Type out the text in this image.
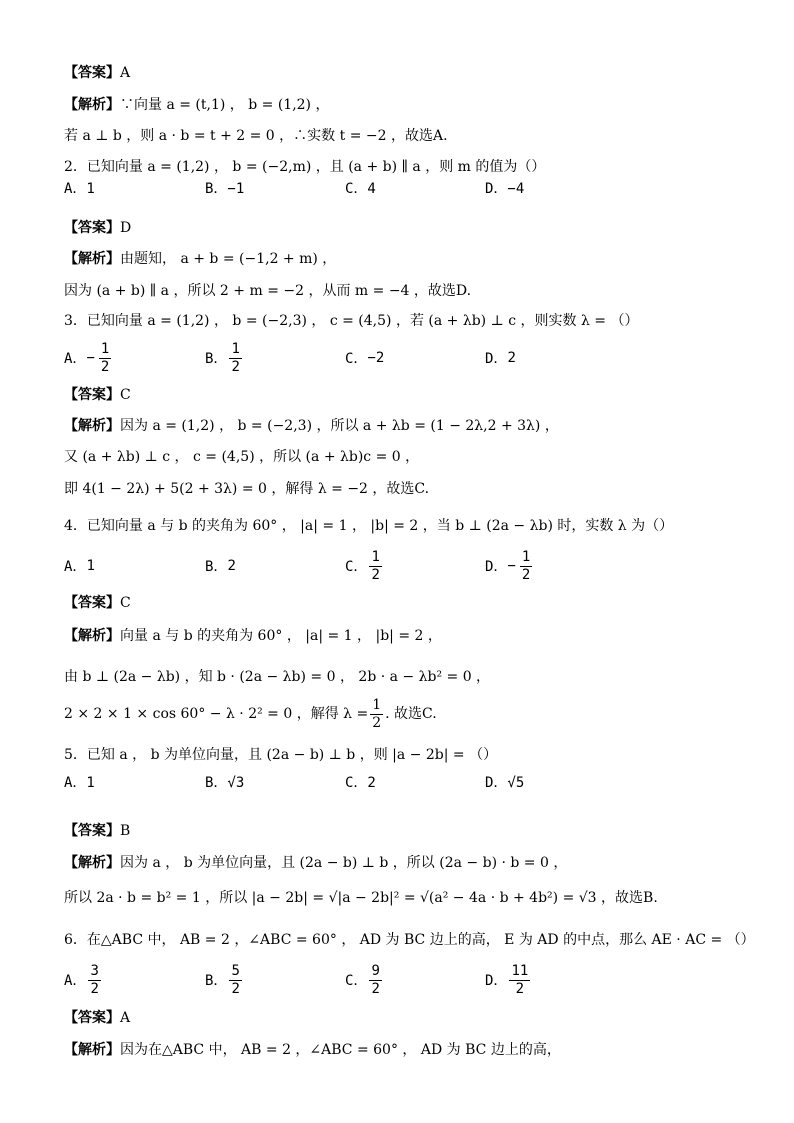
【答案】A
【解析】∵向量 a = (t,1) ， b = (1,2) ，
若 a ⊥ b ，则 a · b = t + 2 = 0 ，∴实数 t = −2 ，故选A.
2．已知向量 a = (1,2) ， b = (−2,m) ，且 (a + b) ∥ a ，则 m 的值为（）
A．1	B．−1	C．4	D．−4
【答案】D
【解析】由题知， a + b = (−1,2 + m) ，
因为 (a + b) ∥ a ，所以 2 + m = −2 ，从而 m = −4 ，故选D.
3．已知向量 a = (1,2) ， b = (−2,3) ， c = (4,5) ，若 (a + λb) ⊥ c ，则实数 λ = （）
A． − $\frac{1}{2}$	B． $\frac{1}{2}$	C． −2	D． 2
【答案】C
【解析】因为 a = (1,2) ， b = (−2,3) ，所以 a + λb = (1 − 2λ,2 + 3λ) ，
又 (a + λb) ⊥ c ， c = (4,5) ，所以 (a + λb)c = 0 ，
即 4(1 − 2λ) + 5(2 + 3λ) = 0 ，解得 λ = −2 ，故选C.
4．已知向量 a 与 b 的夹角为 60° ， |a| = 1 ， |b| = 2 ，当 b ⊥ (2a − λb) 时，实数 λ 为（）
A． 1	B． 2	C． $\frac{1}{2}$	D． − $\frac{1}{2}$
【答案】C
【解析】向量 a 与 b 的夹角为 60° ， |a| = 1 ， |b| = 2 ，
由 b ⊥ (2a − λb) ，知 b · (2a − λb) = 0 ， 2b · a − λb² = 0 ，
2 × 2 × 1 × cos 60° − λ · 2² = 0 ，解得 $\lambda = \frac{1}{2}$ . 故选C.
5．已知 a ， b 为单位向量，且 (2a − b) ⊥ b ，则 |a − 2b| = （）
A．1	B．√3	C．2	D．√5
【答案】B
【解析】因为 a ， b 为单位向量，且 (2a − b) ⊥ b ，所以 (2a − b) · b = 0 ，
所以 2a · b = b² = 1 ，所以 |a − 2b| = √|a − 2b|² = √(a² − 4a · b + 4b²) = √3 ，故选B.
6．在△ABC 中， AB = 2 ，∠ABC = 60° ， AD 为 BC 边上的高， E 为 AD 的中点，那么 AE · AC = （）
A． $\frac{3}{2}$	B． $\frac{5}{2}$	C． $\frac{9}{2}$	D． $\frac{11}{2}$
【答案】A
【解析】因为在△ABC 中， AB = 2 ，∠ABC = 60° ， AD 为 BC 边上的高，
